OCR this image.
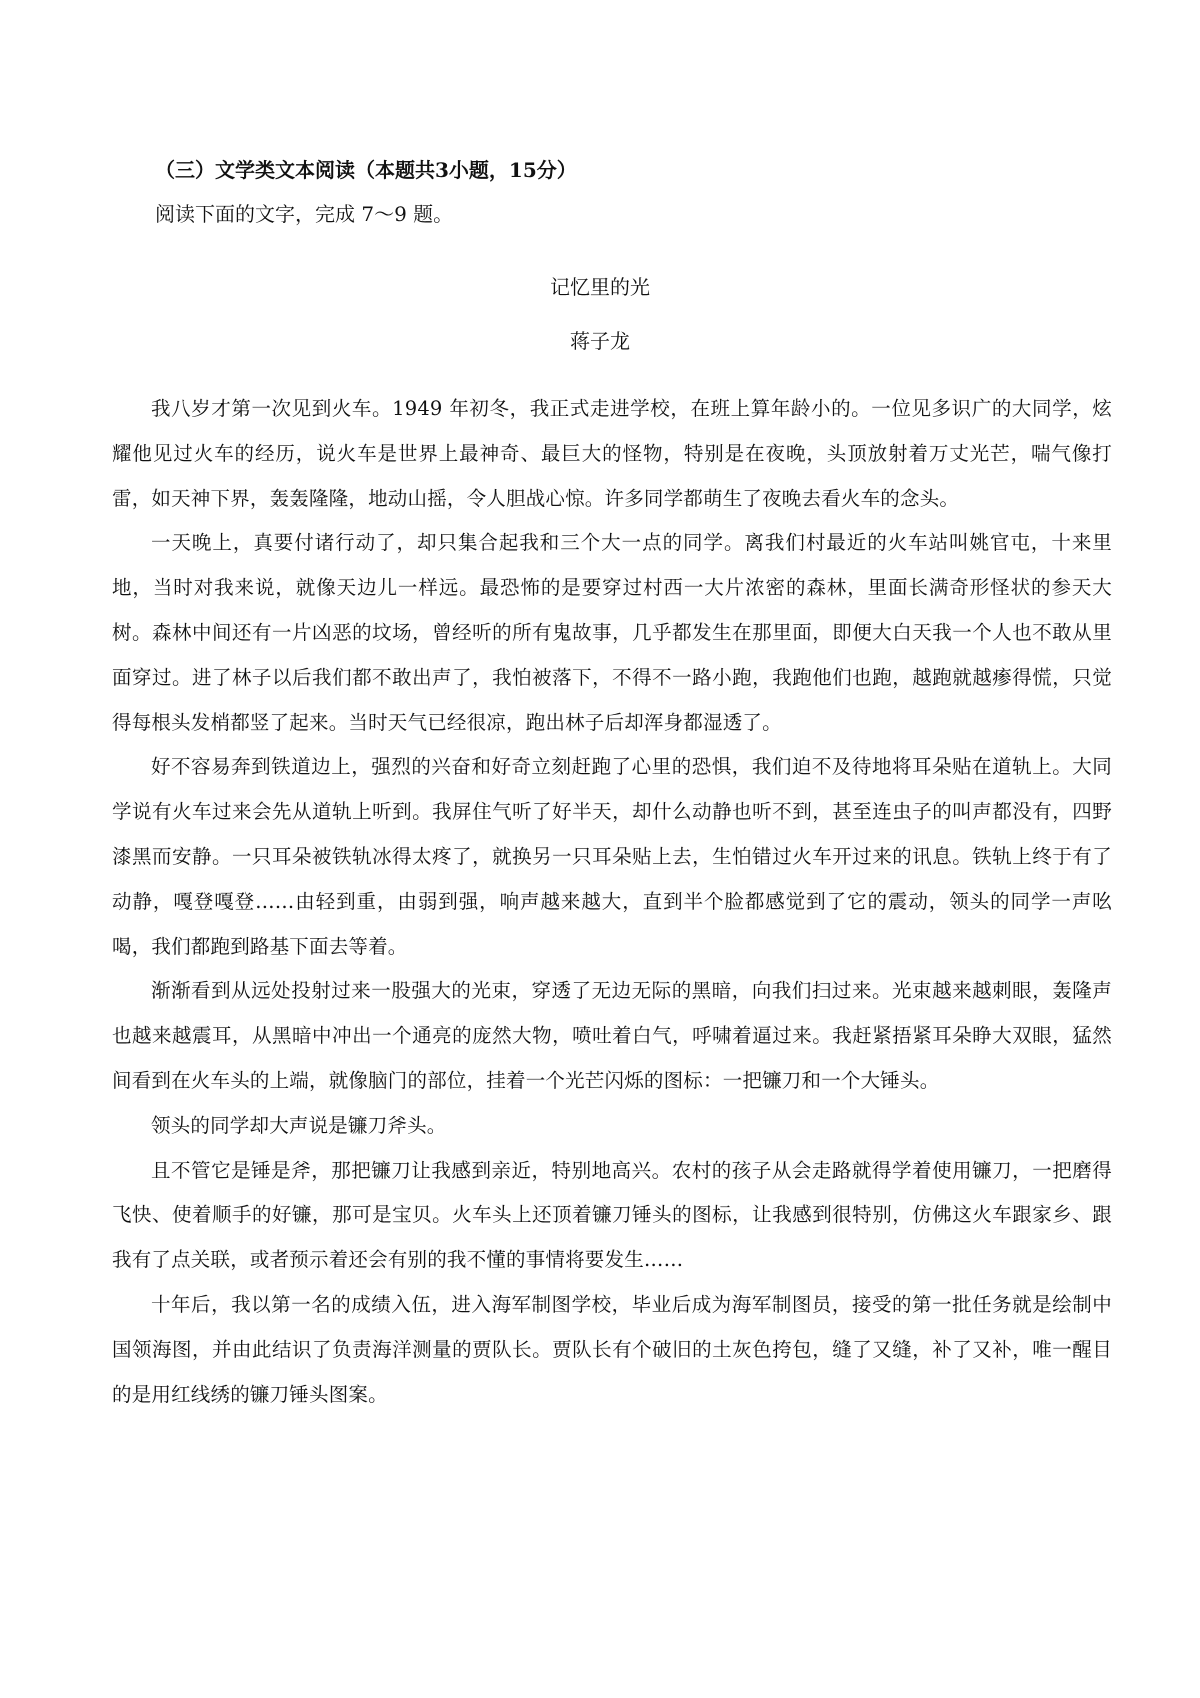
（三）文学类文本阅读（本题共3小题，15分）
阅读下面的文字，完成 7～9 题。
记忆里的光
蒋子龙

我八岁才第一次见到火车。1949 年初冬，我正式走进学校，在班上算年龄小的。一位见多识广的大同学，炫耀他见过火车的经历，说火车是世界上最神奇、最巨大的怪物，特别是在夜晚，头顶放射着万丈光芒，喘气像打雷，如天神下界，轰轰隆隆，地动山摇，令人胆战心惊。许多同学都萌生了夜晚去看火车的念头。

一天晚上，真要付诸行动了，却只集合起我和三个大一点的同学。离我们村最近的火车站叫姚官屯，十来里地，当时对我来说，就像天边儿一样远。最恐怖的是要穿过村西一大片浓密的森林，里面长满奇形怪状的参天大树。森林中间还有一片凶恶的坟场，曾经听的所有鬼故事，几乎都发生在那里面，即便大白天我一个人也不敢从里面穿过。进了林子以后我们都不敢出声了，我怕被落下，不得不一路小跑，我跑他们也跑，越跑就越瘆得慌，只觉得每根头发梢都竖了起来。当时天气已经很凉，跑出林子后却浑身都湿透了。

好不容易奔到铁道边上，强烈的兴奋和好奇立刻赶跑了心里的恐惧，我们迫不及待地将耳朵贴在道轨上。大同学说有火车过来会先从道轨上听到。我屏住气听了好半天，却什么动静也听不到，甚至连虫子的叫声都没有，四野漆黑而安静。一只耳朵被铁轨冰得太疼了，就换另一只耳朵贴上去，生怕错过火车开过来的讯息。铁轨上终于有了动静，嘎登嘎登……由轻到重，由弱到强，响声越来越大，直到半个脸都感觉到了它的震动，领头的同学一声吆喝，我们都跑到路基下面去等着。

渐渐看到从远处投射过来一股强大的光束，穿透了无边无际的黑暗，向我们扫过来。光束越来越刺眼，轰隆声也越来越震耳，从黑暗中冲出一个通亮的庞然大物，喷吐着白气，呼啸着逼过来。我赶紧捂紧耳朵睁大双眼，猛然间看到在火车头的上端，就像脑门的部位，挂着一个光芒闪烁的图标：一把镰刀和一个大锤头。

领头的同学却大声说是镰刀斧头。

且不管它是锤是斧，那把镰刀让我感到亲近，特别地高兴。农村的孩子从会走路就得学着使用镰刀，一把磨得飞快、使着顺手的好镰，那可是宝贝。火车头上还顶着镰刀锤头的图标，让我感到很特别，仿佛这火车跟家乡、跟我有了点关联，或者预示着还会有别的我不懂的事情将要发生……

十年后，我以第一名的成绩入伍，进入海军制图学校，毕业后成为海军制图员，接受的第一批任务就是绘制中国领海图，并由此结识了负责海洋测量的贾队长。贾队长有个破旧的土灰色挎包，缝了又缝，补了又补，唯一醒目的是用红线绣的镰刀锤头图案。
